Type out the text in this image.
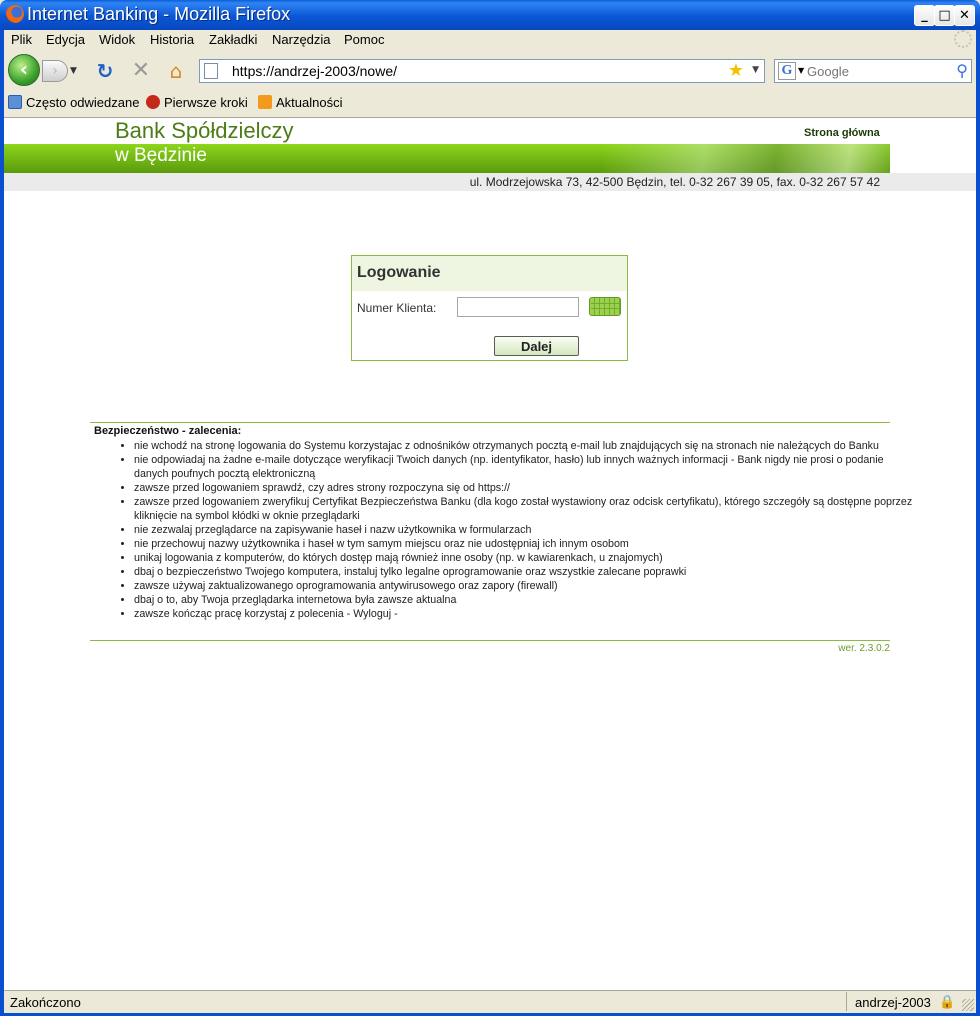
Internet Banking - Mozilla Firefox	_ □ ✕
Plik Edycja Widok Historia Zakładki Narzędzia Pomoc
‹	›	▼ ↻ ✕ ⌂	https://andrzej-2003/nowe/	★ ▼ G ▼
Google	⚲
Często odwiedzane	Pierwsze kroki	Aktualności
Bank Spółdzielczy	Strona główna
w Będzinie
ul. Modrzejowska 73, 42-500 Będzin, tel. 0-32 267 39 05, fax. 0-32 267 57 42
Logowanie
Numer Klienta:
Dalej
Bezpieczeństwo - zalecenia:
• nie wchodź na stronę logowania do Systemu korzystajac z odnośników otrzymanych pocztą e-mail lub znajdujących się na stronach nie należących do Banku
• nie odpowiadaj na żadne e-maile dotyczące weryfikacji Twoich danych (np. identyfikator, hasło) lub innych ważnych informacji - Bank nigdy nie prosi o podanie danych poufnych pocztą elektroniczną
• zawsze przed logowaniem sprawdź, czy adres strony rozpoczyna się od https://
• zawsze przed logowaniem zweryfikuj Certyfikat Bezpieczeństwa Banku (dla kogo został wystawiony oraz odcisk certyfikatu), którego szczegóły są dostępne poprzez kliknięcie na symbol kłódki w oknie przeglądarki
• nie zezwalaj przeglądarce na zapisywanie haseł i nazw użytkownika w formularzach
• nie przechowuj nazwy użytkownika i haseł w tym samym miejscu oraz nie udostępniaj ich innym osobom
• unikaj logowania z komputerów, do których dostęp mają również inne osoby (np. w kawiarenkach, u znajomych)
• dbaj o bezpieczeństwo Twojego komputera, instaluj tylko legalne oprogramowanie oraz wszystkie zalecane poprawki
• zawsze używaj zaktualizowanego oprogramowania antywirusowego oraz zapory (firewall)
• dbaj o to, aby Twoja przeglądarka internetowa była zawsze aktualna
• zawsze kończąc pracę korzystaj z polecenia - Wyloguj -
wer. 2.3.0.2
Zakończono	andrzej-2003 🔒
